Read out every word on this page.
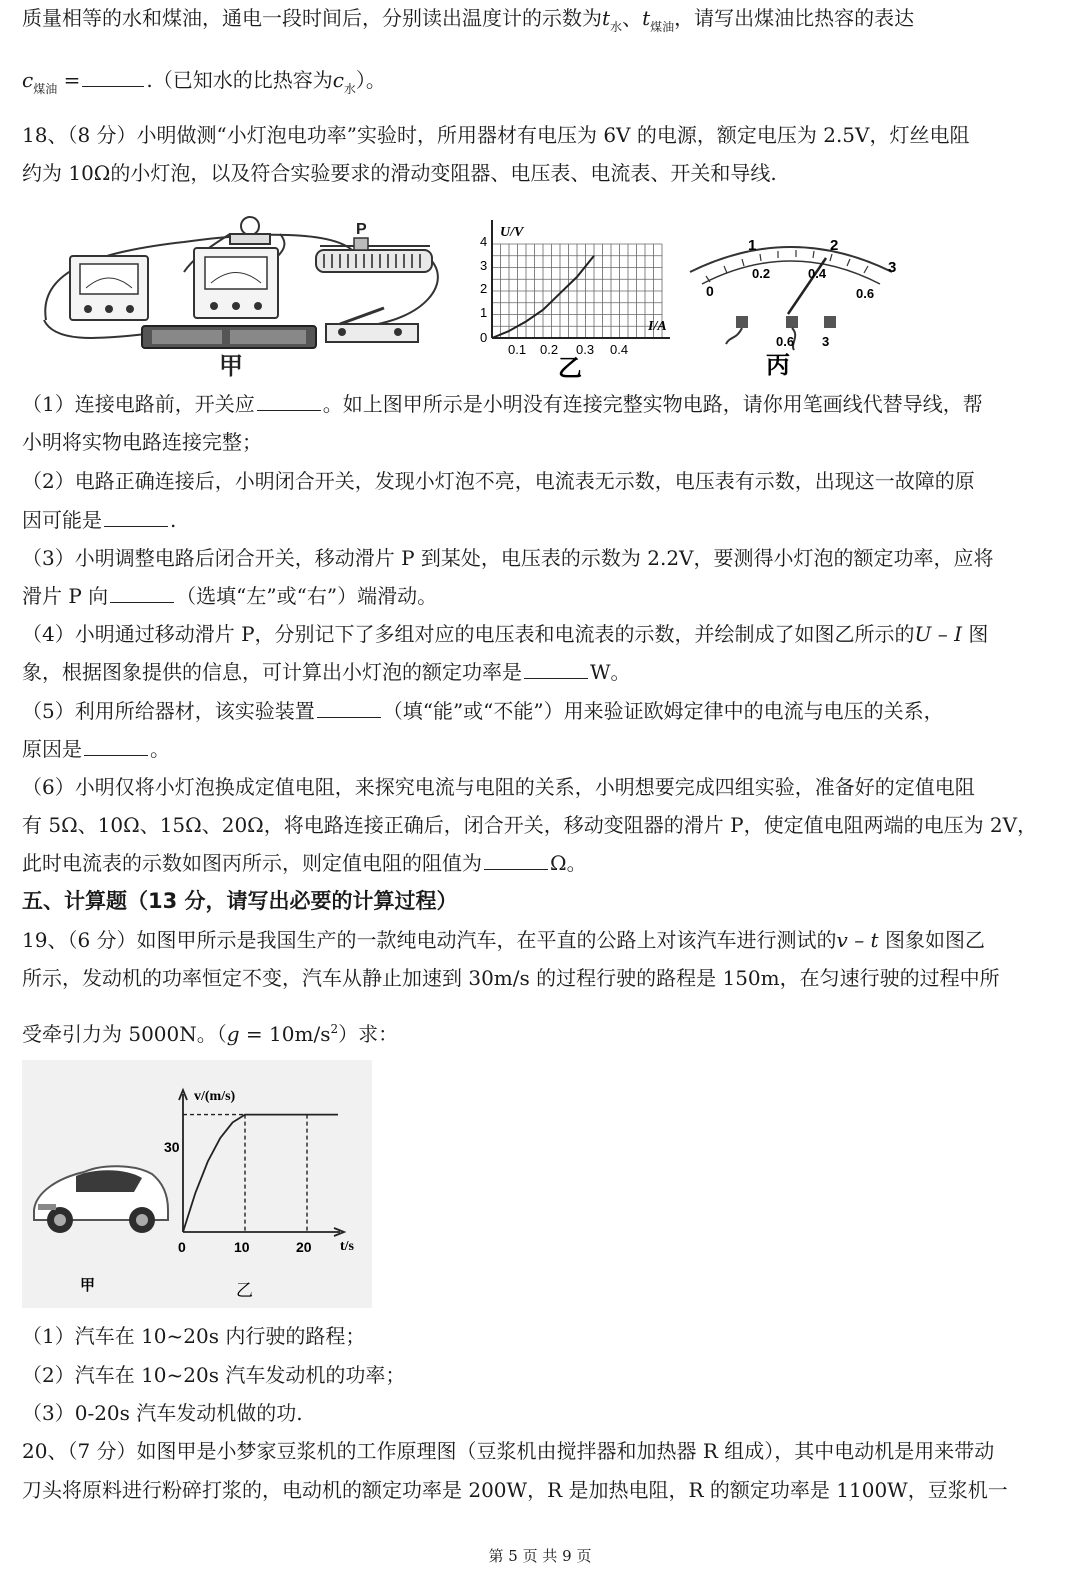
质量相等的水和煤油，通电一段时间后，分别读出温度计的示数为$t_水$、$t_{煤油}$，请写出煤油比热容的表达
$c_{煤油}$ =	.（已知水的比热容为$c_水$）。
18、（8 分）小明做测“小灯泡电功率”实验时，所用器材有电压为 6V 的电源，额定电压为 2.5V，灯丝电阻
约为 10Ω的小灯泡，以及符合实验要求的滑动变阻器、电压表、电流表、开关和导线.
P
甲
U/V
I/A
0
1
2
3
4
0.1 0.2 0.3 0.4
乙
1	2
3
0
0.2	0.4
0.6
0.6 3
丙
（1）连接电路前，开关应	。如上图甲所示是小明没有连接完整实物电路，请你用笔画线代替导线，帮
小明将实物电路连接完整；
（2）电路正确连接后，小明闭合开关，发现小灯泡不亮，电流表无示数，电压表有示数，出现这一故障的原
因可能是	.
（3）小明调整电路后闭合开关，移动滑片 P 到某处，电压表的示数为 2.2V，要测得小灯泡的额定功率，应将
滑片 P 向	（选填“左”或“右”）端滑动。
（4）小明通过移动滑片 P，分别记下了多组对应的电压表和电流表的示数，并绘制成了如图乙所示的U – I 图
象，根据图象提供的信息，可计算出小灯泡的额定功率是	W。
（5）利用所给器材，该实验装置	（填“能”或“不能”）用来验证欧姆定律中的电流与电压的关系，
原因是	。
（6）小明仅将小灯泡换成定值电阻，来探究电流与电阻的关系，小明想要完成四组实验，准备好的定值电阻
有 5Ω、10Ω、15Ω、20Ω，将电路连接正确后，闭合开关，移动变阻器的滑片 P，使定值电阻两端的电压为 2V，
此时电流表的示数如图丙所示，则定值电阻的阻值为	Ω。
五、计算题（13 分，请写出必要的计算过程）
19、（6 分）如图甲所示是我国生产的一款纯电动汽车，在平直的公路上对该汽车进行测试的v – t 图象如图乙
所示，发动机的功率恒定不变，汽车从静止加速到 30m/s 的过程行驶的路程是 150m，在匀速行驶的过程中所
受牵引力为 5000N。$(g = 10m/s^2)$求：
甲
v/(m/s)
t/s
30
0	10	20
乙
（1）汽车在 10~20s 内行驶的路程；
（2）汽车在 10~20s 汽车发动机的功率；
（3）0-20s 汽车发动机做的功.
20、（7 分）如图甲是小梦家豆浆机的工作原理图（豆浆机由搅拌器和加热器 R 组成），其中电动机是用来带动
刀头将原料进行粉碎打浆的，电动机的额定功率是 200W，R 是加热电阻，R 的额定功率是 1100W，豆浆机一
第 5 页 共 9 页
